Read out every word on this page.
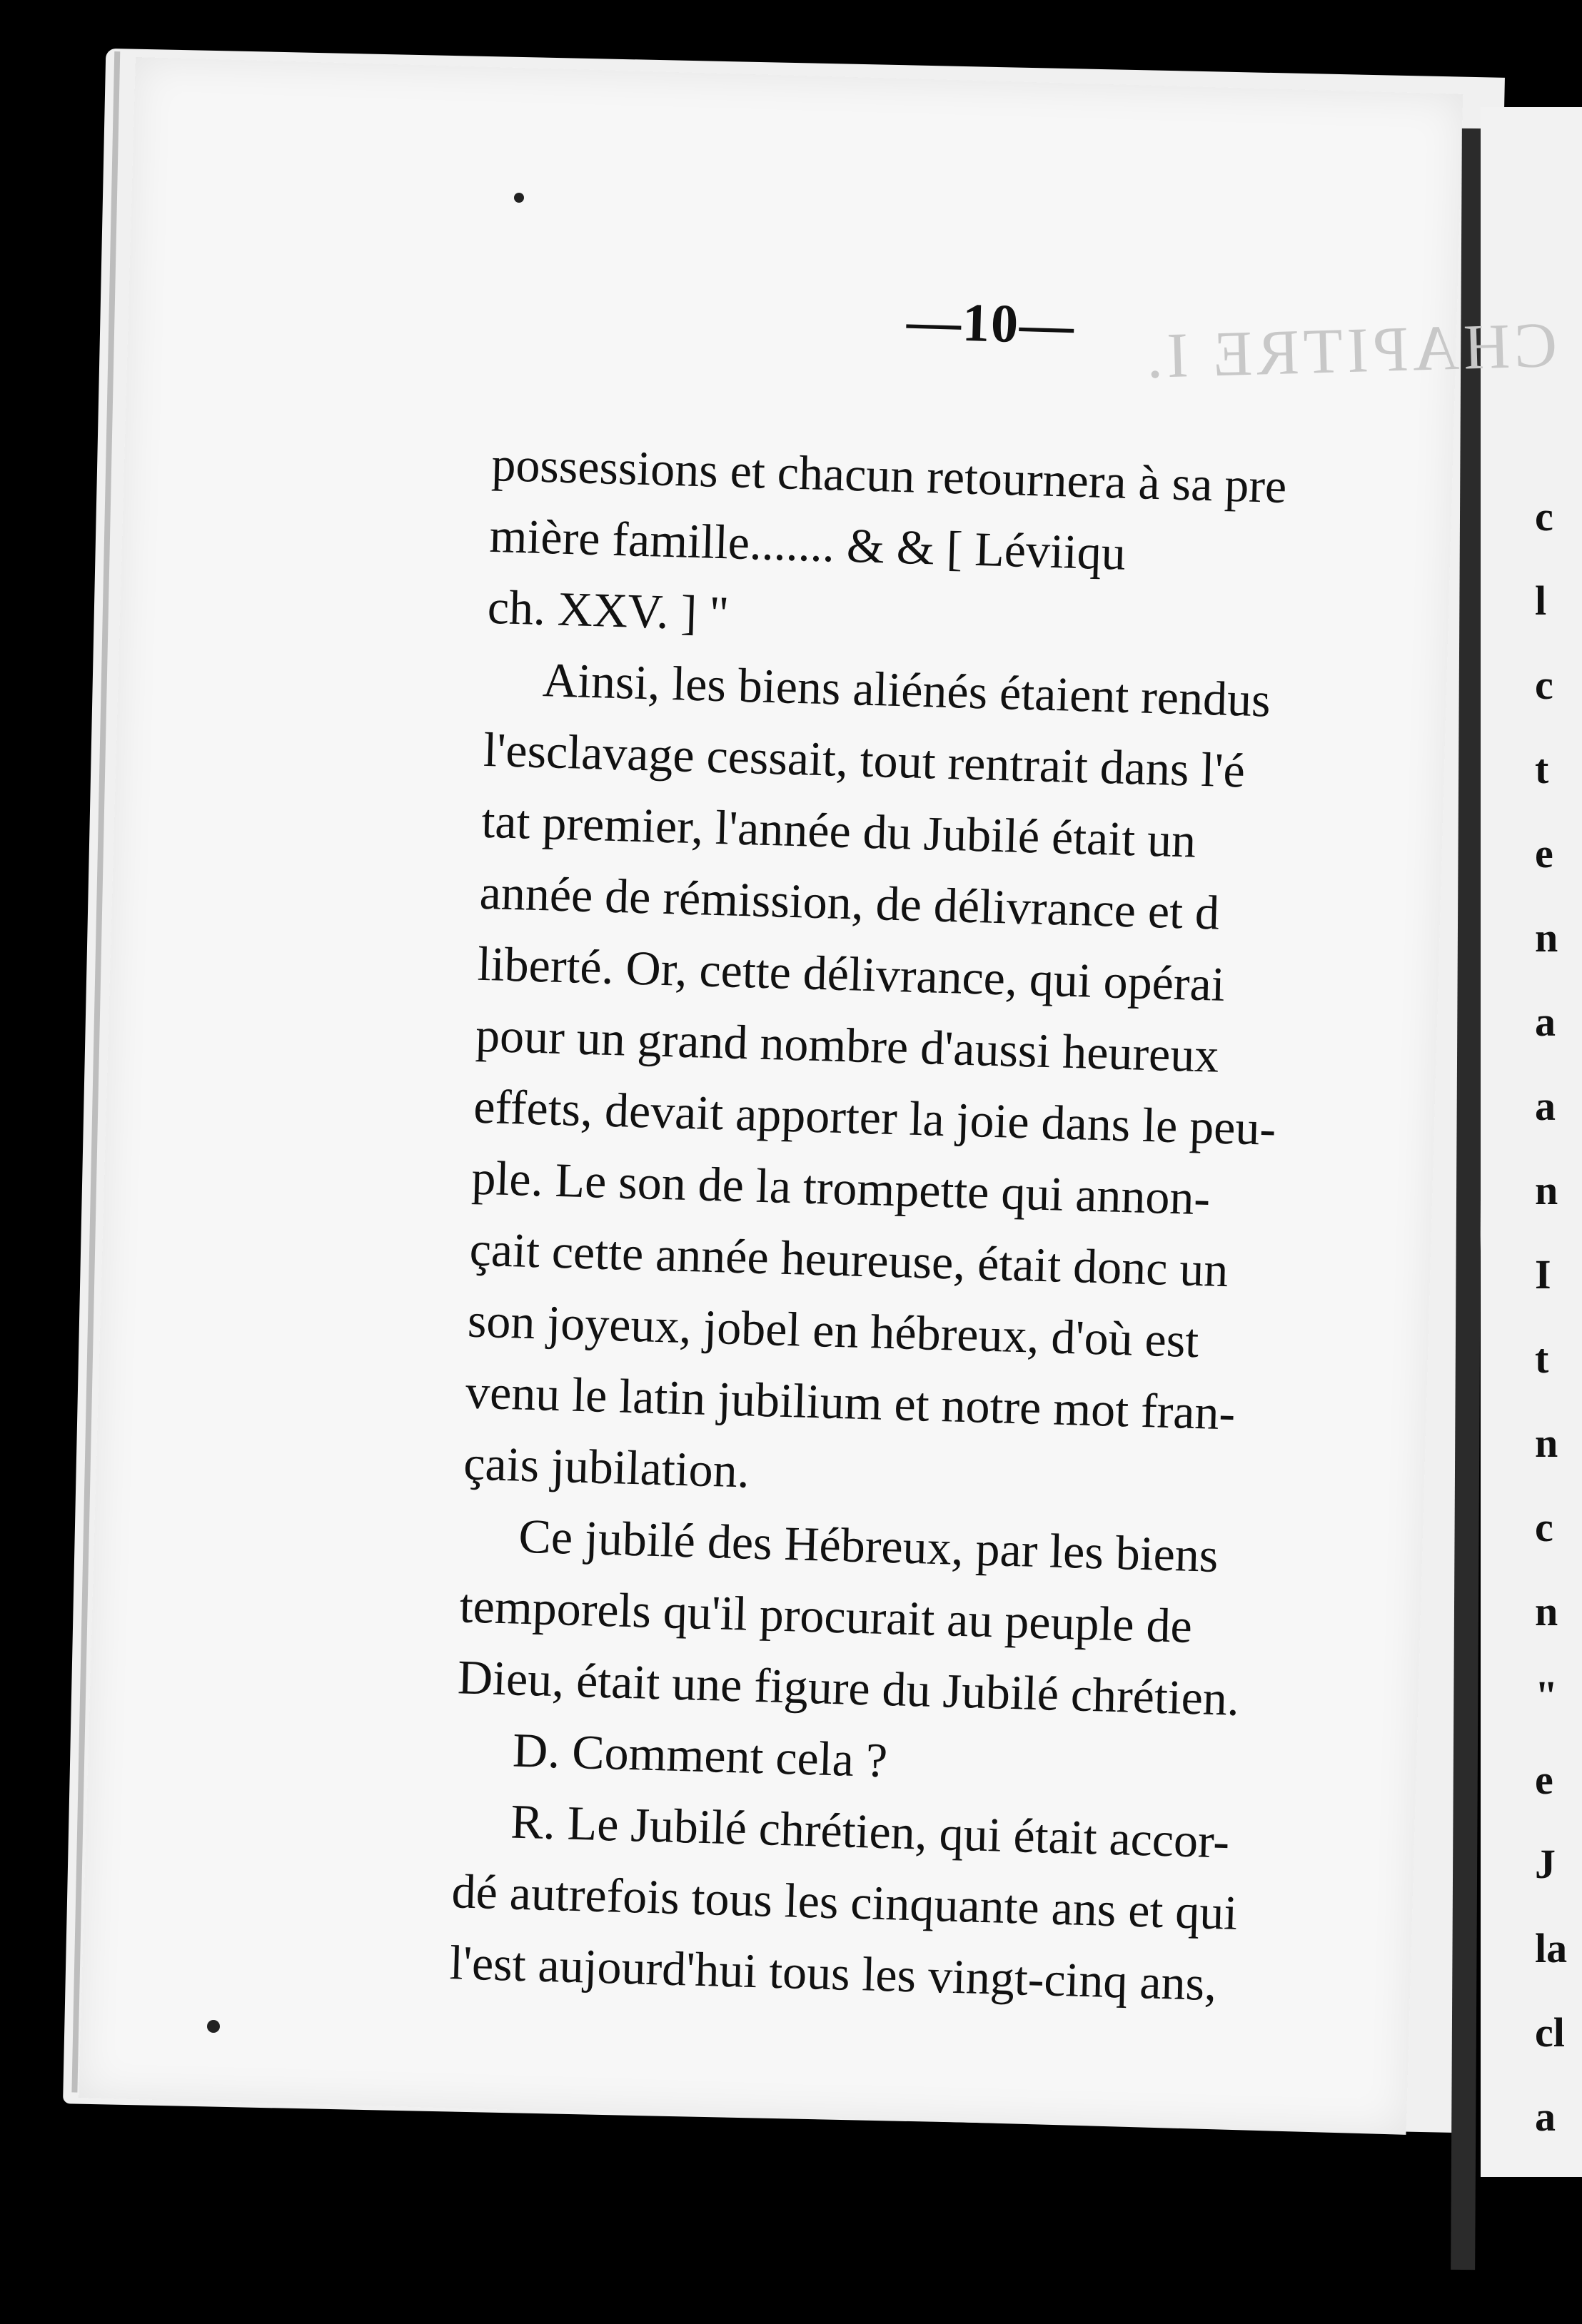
CHAPITRE I.
—10—

possessions et chacun retournera à sa pre
mière famille....... & & [ Léviiqu
ch. XXV. ] "

Ainsi, les biens aliénés étaient rendus
l'esclavage cessait, tout rentrait dans l'é
tat premier, l'année du Jubilé était un
année de rémission, de délivrance et d
liberté. Or, cette délivrance, qui opérai
pour un grand nombre d'aussi heureux
effets, devait apporter la joie dans le peu-
ple. Le son de la trompette qui annon-
çait cette année heureuse, était donc un
son joyeux, jobel en hébreux, d'où est
venu le latin jubilium et notre mot fran-
çais jubilation.

Ce jubilé des Hébreux, par les biens
temporels qu'il procurait au peuple de
Dieu, était une figure du Jubilé chrétien.

D. Comment cela ?

R. Le Jubilé chrétien, qui était accor-
dé autrefois tous les cinquante ans et qui
l'est aujourd'hui tous les vingt-cinq ans,

c
l
c
t
e
n
a
a
n
I
t
n
c
n
"
e
J
la
cl
a
